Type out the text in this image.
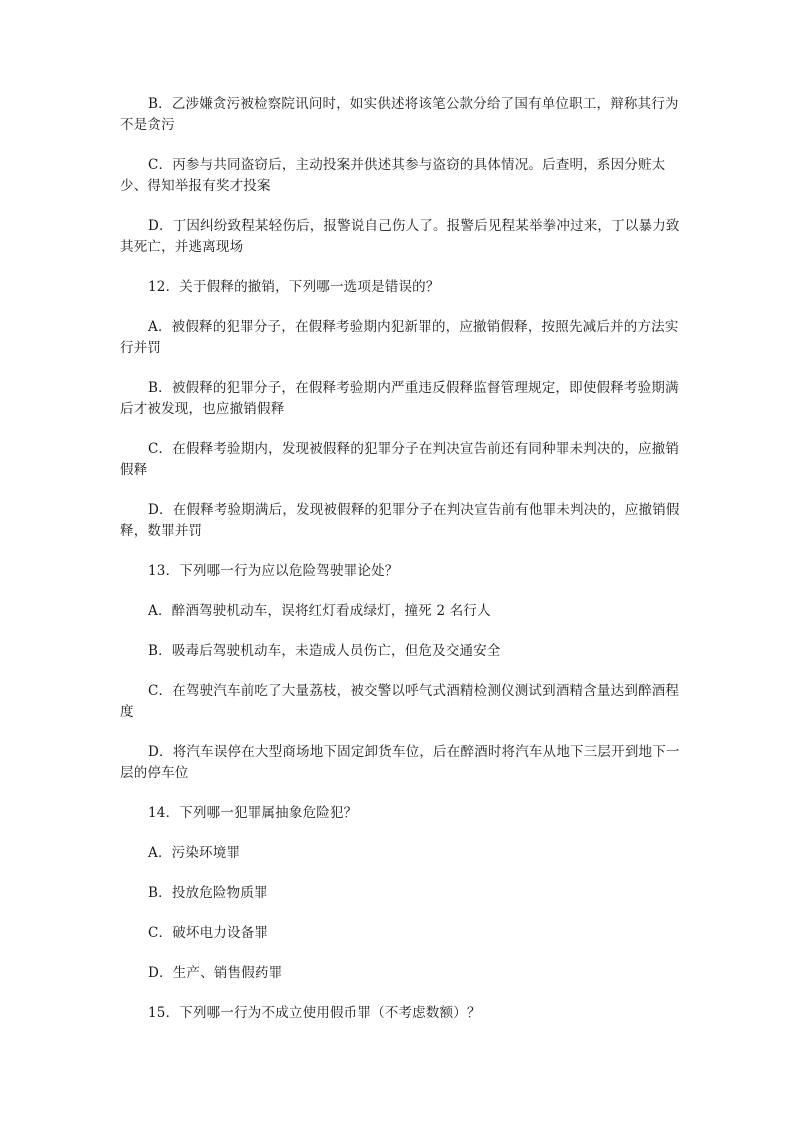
B．乙涉嫌贪污被检察院讯问时，如实供述将该笔公款分给了国有单位职工，辩称其行为不是贪污

C．丙参与共同盗窃后，主动投案并供述其参与盗窃的具体情况。后查明，系因分赃太少、得知举报有奖才投案

D．丁因纠纷致程某轻伤后，报警说自己伤人了。报警后见程某举拳冲过来，丁以暴力致其死亡，并逃离现场

12．关于假释的撤销，下列哪一选项是错误的？

A．被假释的犯罪分子，在假释考验期内犯新罪的，应撤销假释，按照先减后并的方法实行并罚

B．被假释的犯罪分子，在假释考验期内严重违反假释监督管理规定，即使假释考验期满后才被发现，也应撤销假释

C．在假释考验期内，发现被假释的犯罪分子在判决宣告前还有同种罪未判决的，应撤销假释

D．在假释考验期满后，发现被假释的犯罪分子在判决宣告前有他罪未判决的，应撤销假释，数罪并罚

13．下列哪一行为应以危险驾驶罪论处？

A．醉酒驾驶机动车，误将红灯看成绿灯，撞死 2 名行人

B．吸毒后驾驶机动车，未造成人员伤亡，但危及交通安全

C．在驾驶汽车前吃了大量荔枝，被交警以呼气式酒精检测仪测试到酒精含量达到醉酒程度

D．将汽车误停在大型商场地下固定卸货车位，后在醉酒时将汽车从地下三层开到地下一层的停车位

14．下列哪一犯罪属抽象危险犯？

A．污染环境罪

B．投放危险物质罪

C．破坏电力设备罪

D．生产、销售假药罪

15．下列哪一行为不成立使用假币罪（不考虑数额）？
